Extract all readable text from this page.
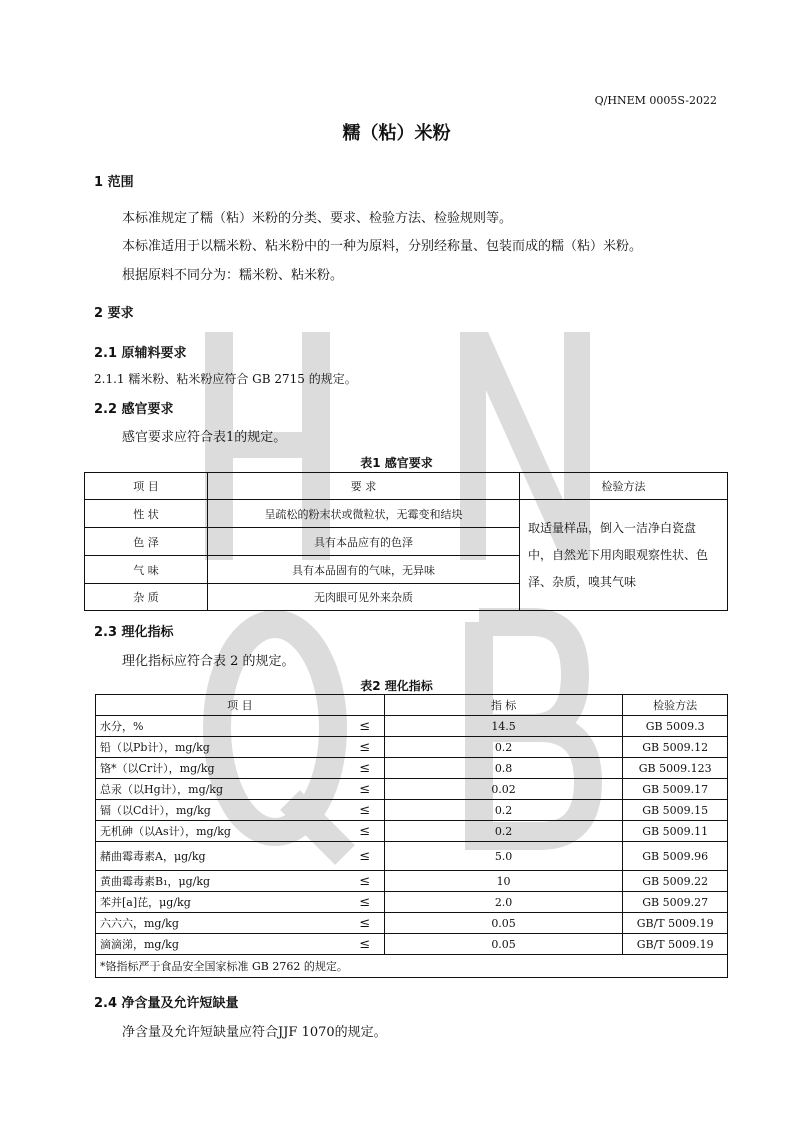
Q/HNEM 0005S-2022
糯（粘）米粉
1 范围
本标准规定了糯（粘）米粉的分类、要求、检验方法、检验规则等。
本标准适用于以糯米粉、粘米粉中的一种为原料，分别经称量、包装而成的糯（粘）米粉。
根据原料不同分为：糯米粉、粘米粉。
2 要求
2.1 原辅料要求
2.1.1 糯米粉、粘米粉应符合 GB 2715 的规定。
2.2 感官要求
感官要求应符合表1的规定。
表1 感官要求
项 目	要 求	检验方法
性 状	呈疏松的粉末状或微粒状，无霉变和结块	取适量样品，倒入一洁净白瓷盘中，自然光下用肉眼观察性状、色泽、杂质，嗅其气味
色 泽	具有本品应有的色泽	
气 味	具有本品固有的气味，无异味	
杂 质	无肉眼可见外来杂质	
2.3 理化指标
理化指标应符合表 2 的规定。
表2 理化指标
项 目		指 标	检验方法
水分，%	≤	14.5	GB 5009.3
铅（以Pb计），mg/kg	≤	0.2	GB 5009.12
铬*（以Cr计），mg/kg	≤	0.8	GB 5009.123
总汞（以Hg计），mg/kg	≤	0.02	GB 5009.17
镉（以Cd计），mg/kg	≤	0.2	GB 5009.15
无机砷（以As计），mg/kg	≤	0.2	GB 5009.11
赭曲霉毒素A，μg/kg	≤	5.0	GB 5009.96
黄曲霉毒素B₁，μg/kg	≤	10	GB 5009.22
苯并[a]芘，μg/kg	≤	2.0	GB 5009.27
六六六，mg/kg	≤	0.05	GB/T 5009.19
滴滴涕，mg/kg	≤	0.05	GB/T 5009.19
*铬指标严于食品安全国家标准 GB 2762 的规定。			
2.4 净含量及允许短缺量
净含量及允许短缺量应符合JJF 1070的规定。
